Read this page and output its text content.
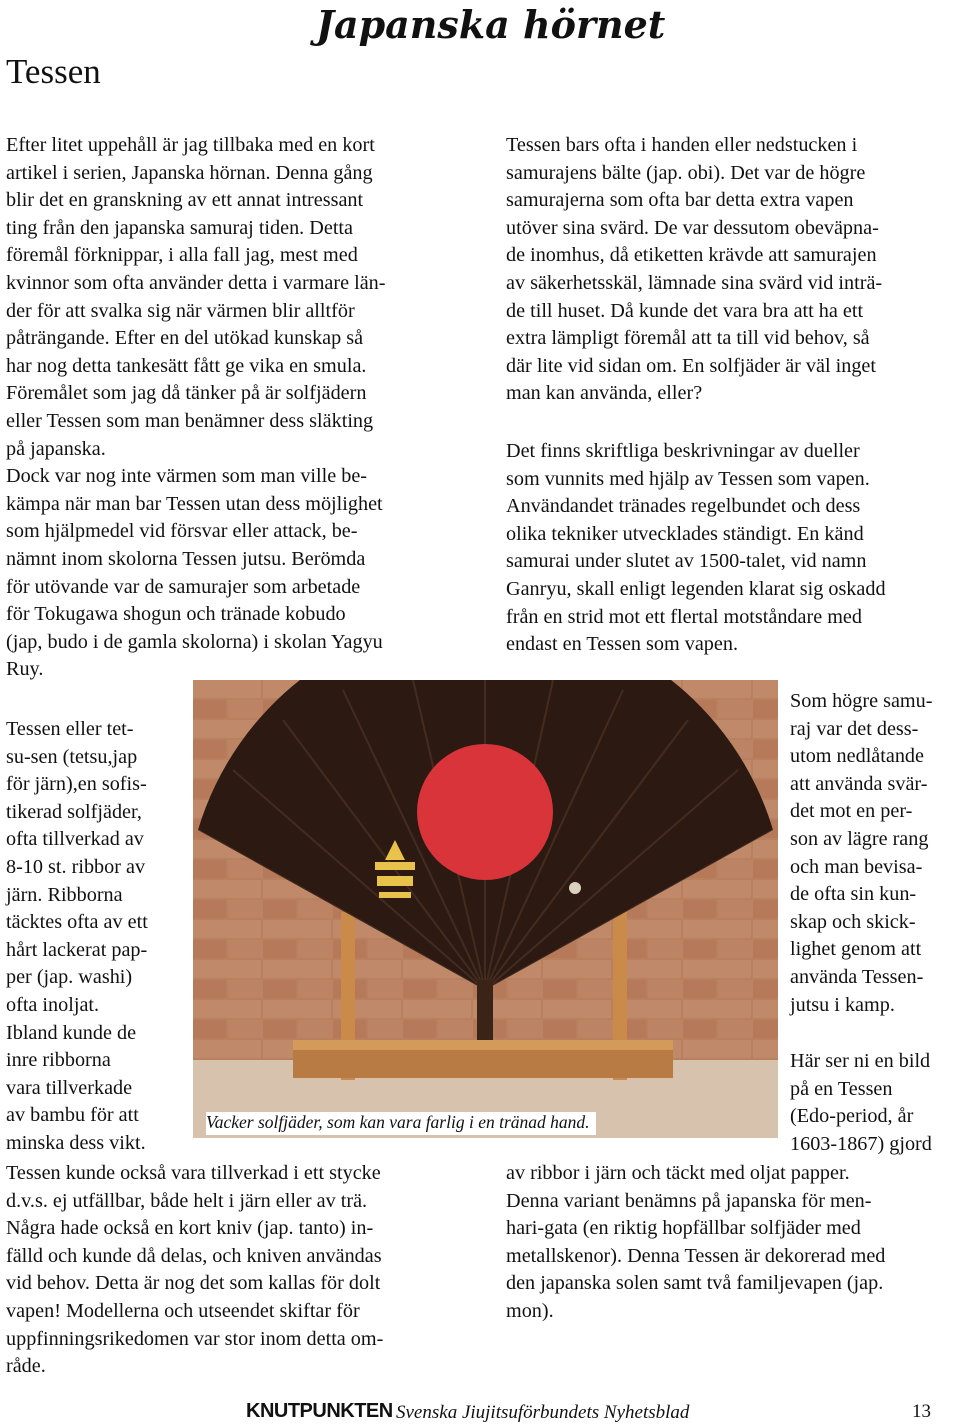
Japanska hörnet
Tessen
Efter litet uppehåll är jag tillbaka med en kort
artikel i serien, Japanska hörnan. Denna gång
blir det en granskning av ett annat intressant
ting från den japanska samuraj tiden. Detta
föremål förknippar, i alla fall jag, mest med
kvinnor som ofta använder detta i varmare län-
der för att svalka sig när värmen blir alltför
påträngande. Efter en del utökad kunskap så
har nog detta tankesätt fått ge vika en smula.
Föremålet som jag då tänker på är solfjädern
eller Tessen som man benämner dess släkting
på japanska.
Dock var nog inte värmen som man ville be-
kämpa när man bar Tessen utan dess möjlighet
som hjälpmedel vid försvar eller attack, be-
nämnt inom skolorna Tessen jutsu. Berömda
för utövande var de samurajer som arbetade
för Tokugawa shogun och tränade kobudo
(jap, budo i de gamla skolorna) i skolan Yagyu
Ruy.
Tessen eller tet-
su-sen (tetsu,jap
för järn),en sofis-
tikerad solfjäder,
ofta tillverkad av
8-10 st. ribbor av
järn. Ribborna
täcktes ofta av ett
hårt lackerat pap-
per (jap. washi)
ofta inoljat.
Ibland kunde de
inre ribborna
vara tillverkade
av bambu för att
minska dess vikt.
Tessen kunde också vara tillverkad i ett stycke
d.v.s. ej utfällbar, både helt i järn eller av trä.
Några hade också en kort kniv (jap. tanto) in-
fälld och kunde då delas, och kniven användas
vid behov. Detta är nog det som kallas för dolt
vapen! Modellerna och utseendet skiftar för
uppfinningsrikedomen var stor inom detta om-
råde.
Tessen bars ofta i handen eller nedstucken i
samurajens bälte (jap. obi). Det var de högre
samurajerna som ofta bar detta extra vapen
utöver sina svärd. De var dessutom obeväpna-
de inomhus, då etiketten krävde att samurajen
av säkerhetsskäl, lämnade sina svärd vid inträ-
de till huset. Då kunde det vara bra att ha ett
extra lämpligt föremål att ta till vid behov, så
där lite vid sidan om. En solfjäder är väl inget
man kan använda, eller?
Det finns skriftliga beskrivningar av dueller
som vunnits med hjälp av Tessen som vapen.
Användandet tränades regelbundet och dess
olika tekniker utvecklades ständigt. En känd
samurai under slutet av 1500-talet, vid namn
Ganryu, skall enligt legenden klarat sig oskadd
från en strid mot ett flertal motståndare med
endast en Tessen som vapen.
Som högre samu-
raj var det dess-
utom nedlåtande
att använda svär-
det mot en per-
son av lägre rang
och man bevisa-
de ofta sin kun-
skap och skick-
lighet genom att
använda Tessen-
jutsu i kamp.
Här ser ni en bild
på en Tessen
(Edo-period, år
1603-1867) gjord
av ribbor i järn och täckt med oljat papper.
Denna variant benämns på japanska för men-
hari-gata (en riktig hopfällbar solfjäder med
metallskenor). Denna Tessen är dekorerad med
den japanska solen samt två familjevapen (jap.
mon).
Vacker solfjäder, som kan vara farlig i en tränad hand.
KNUTPUNKTEN Svenska Jiujitsuförbundets Nyhetsblad	13
